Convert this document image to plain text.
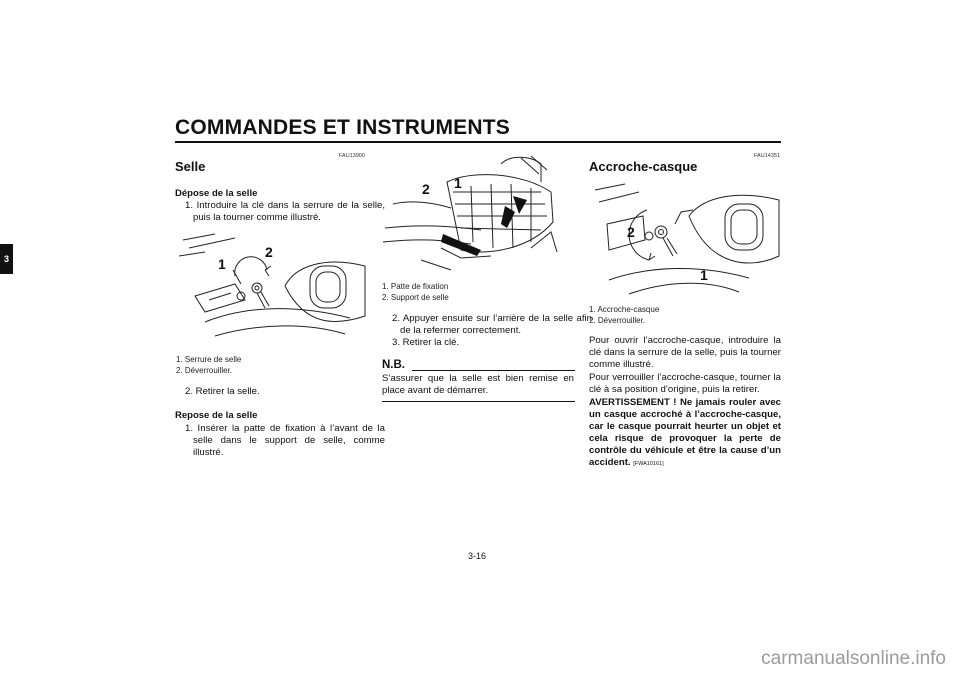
COMMANDES ET INSTRUMENTS
3
FAU13900
Selle
Dépose de la selle
1. Introduire la clé dans la serrure de la selle, puis la tourner comme illustré.
1
2
1. Serrure de selle
2. Déverrouiller.
2. Retirer la selle.
Repose de la selle
1. Insérer la patte de fixation à l’avant de la selle dans le support de selle, comme illustré.
2 1
1. Patte de fixation
2. Support de selle
2. Appuyer ensuite sur l’arrière de la selle afin de la refermer correctement.
3. Retirer la clé.
N.B.
S’assurer que la selle est bien remise en place avant de démarrer.
FAU14351
Accroche-casque
2
1
1. Accroche-casque
2. Déverrouiller.
Pour ouvrir l’accroche-casque, introduire la clé dans la serrure de la selle, puis la tourner comme illustré.
Pour verrouiller l’accroche-casque, tourner la clé à sa position d’origine, puis la retirer.
AVERTISSEMENT ! Ne jamais rouler avec un casque accroché à l’accroche-casque, car le casque pourrait heurter un objet et cela risque de provoquer la perte de contrôle du véhicule et être la cause d’un accident. [FWA10161]
3-16
carmanualsonline.info
